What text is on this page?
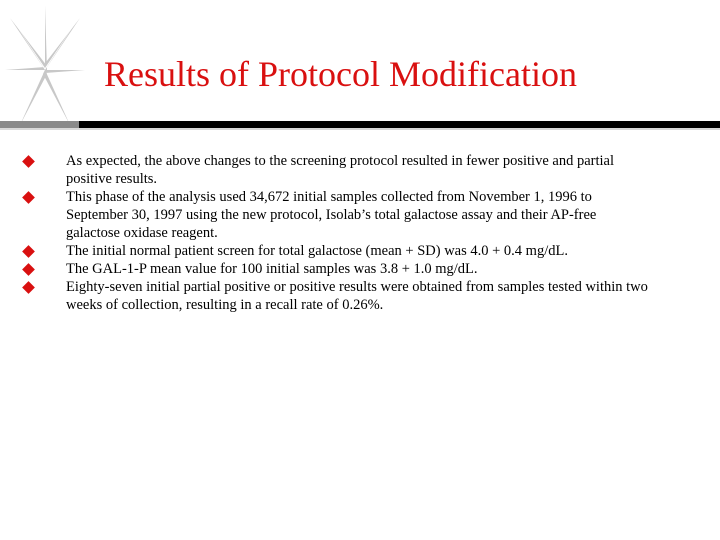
Results of Protocol Modification
As expected, the above changes to the screening protocol resulted in fewer positive and partial positive results.
This phase of the analysis used 34,672 initial samples collected from November 1, 1996 to September 30, 1997 using the new protocol, Isolab’s total galactose assay and their AP-free galactose oxidase reagent.
The initial normal patient screen for total galactose (mean + SD) was 4.0 + 0.4 mg/dL.
The GAL-1-P mean value for 100 initial samples was 3.8 + 1.0 mg/dL.
Eighty-seven initial partial positive or positive results were obtained from samples tested within two weeks of collection, resulting in a recall rate of 0.26%.
